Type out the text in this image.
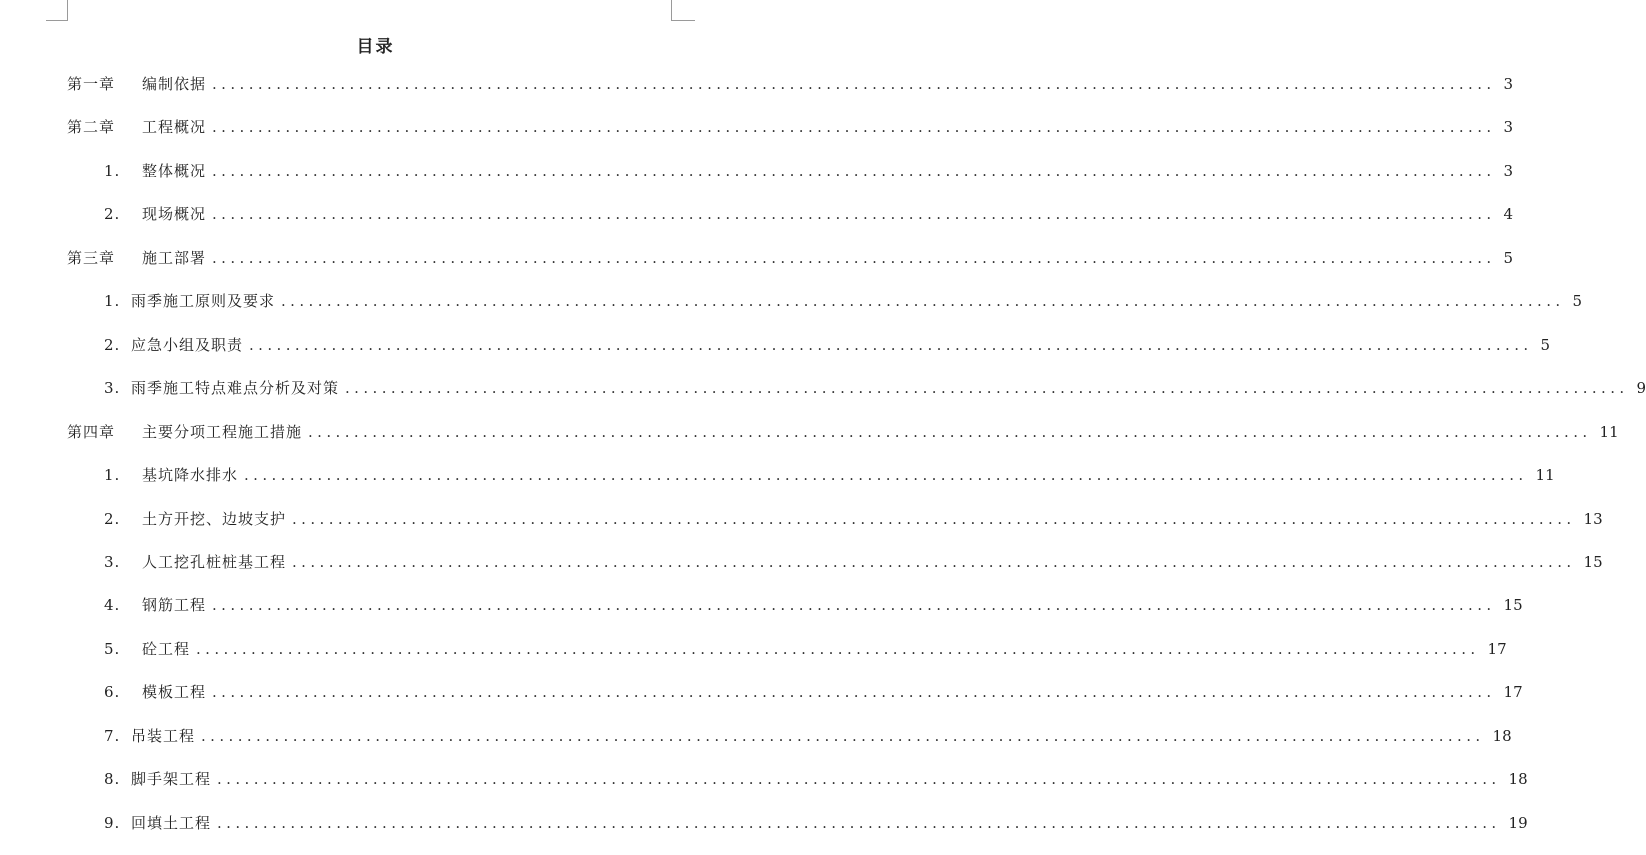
目录
第一章	编制依据 ............................................................................................................................................ 3
第二章	工程概况 ............................................................................................................................................ 3
1.	整体概况 ............................................................................................................................................ 3
2.	现场概况 ............................................................................................................................................ 4
第三章	施工部署 ............................................................................................................................................ 5
1. 雨季施工原则及要求 ............................................................................................................................................ 5
2. 应急小组及职责 ............................................................................................................................................ 5
3. 雨季施工特点难点分析及对策 ............................................................................................................................................ 9
第四章	主要分项工程施工措施 ............................................................................................................................................ 11
1.	基坑降水排水 ............................................................................................................................................ 11
2.	土方开挖、边坡支护 ............................................................................................................................................ 13
3.	人工挖孔桩桩基工程 ............................................................................................................................................ 15
4.	钢筋工程 ............................................................................................................................................ 15
5.	砼工程 ............................................................................................................................................ 17
6.	模板工程 ............................................................................................................................................ 17
7. 吊装工程 ............................................................................................................................................ 18
8. 脚手架工程 ............................................................................................................................................ 18
9. 回填土工程 ............................................................................................................................................ 19
